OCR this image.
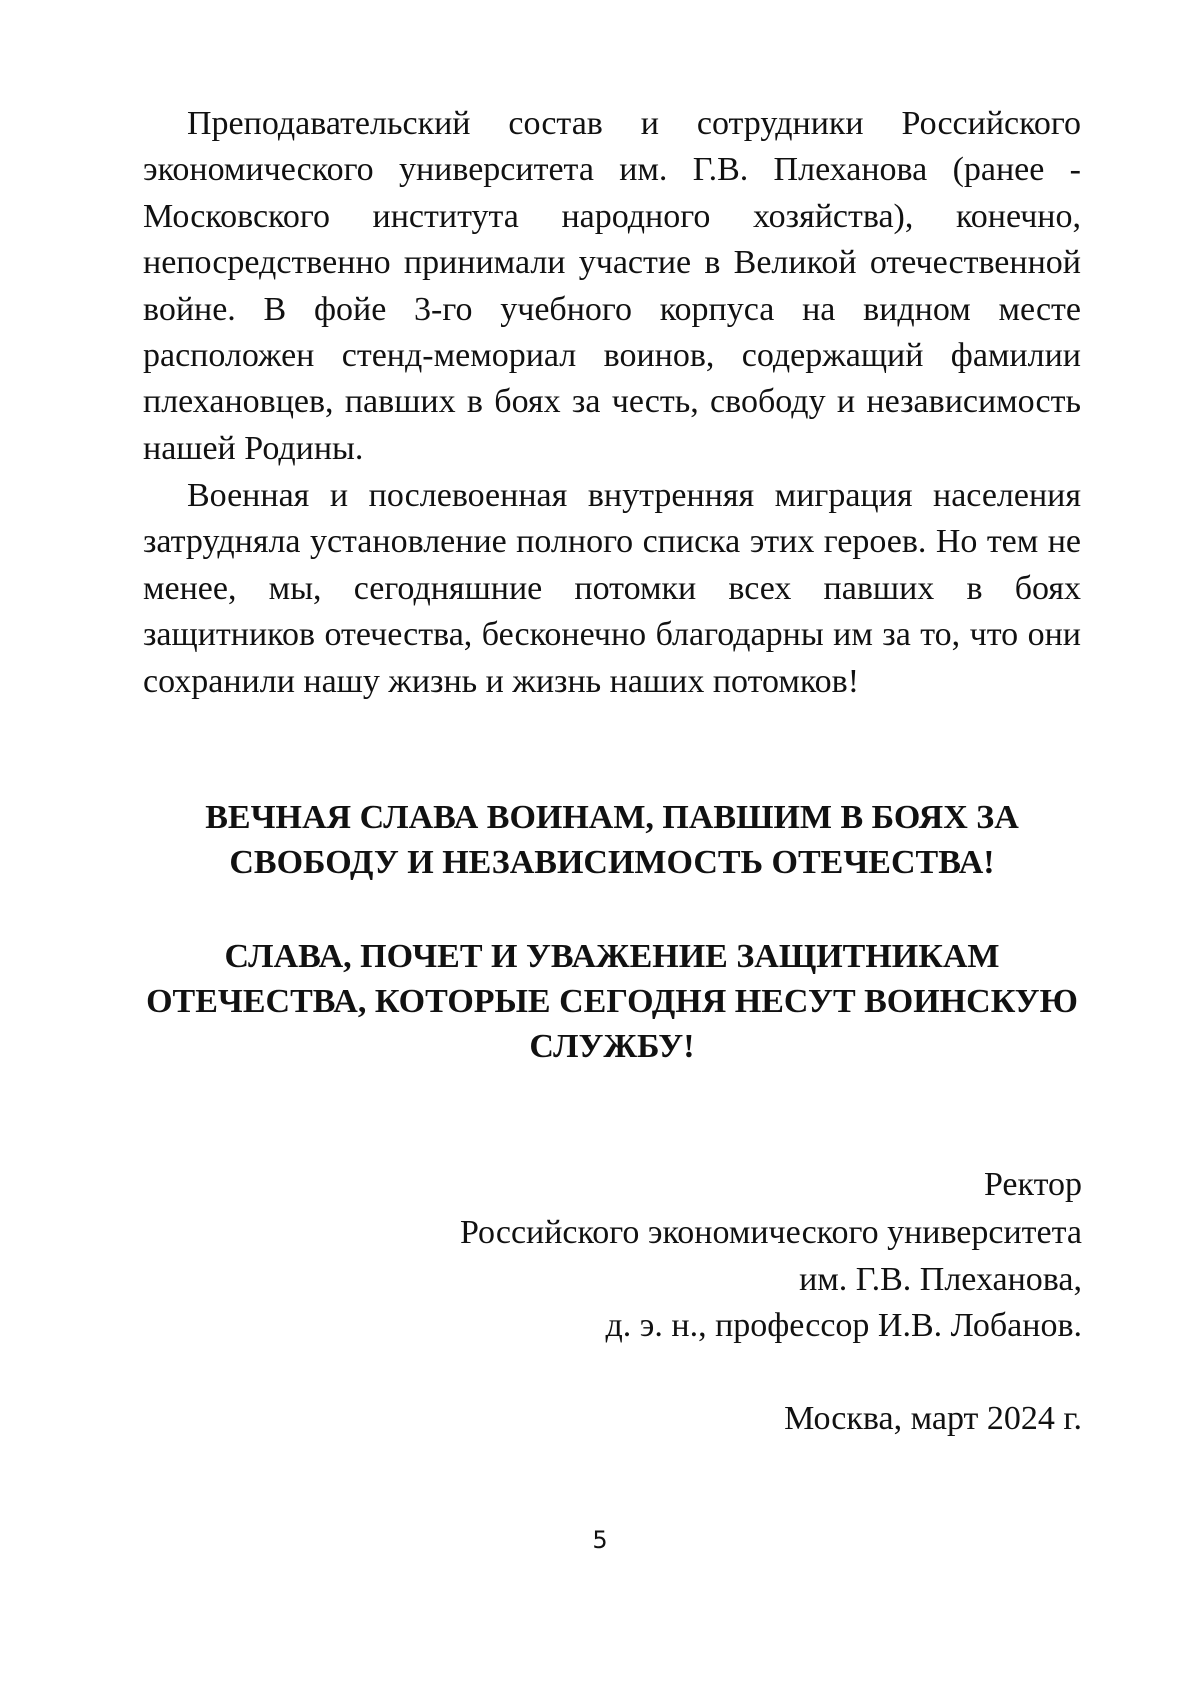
Преподавательский состав и сотрудники Российского экономического университета им. Г.В. Плеханова (ранее - Московского института народного хозяйства), конечно, непосредственно принимали участие в Великой отечественной войне. В фойе 3-го учебного корпуса на видном месте расположен стенд-мемориал воинов, содержащий фамилии плехановцев, павших в боях за честь, свободу и независимость нашей Родины.

Военная и послевоенная внутренняя миграция населения затрудняла установление полного списка этих героев. Но тем не менее, мы, сегодняшние потомки всех павших в боях защитников отечества, бесконечно благодарны им за то, что они сохранили нашу жизнь и жизнь наших потомков!

ВЕЧНАЯ СЛАВА ВОИНАМ, ПАВШИМ В БОЯХ ЗА СВОБОДУ И НЕЗАВИСИМОСТЬ ОТЕЧЕСТВА!

СЛАВА, ПОЧЕТ И УВАЖЕНИЕ ЗАЩИТНИКАМ ОТЕЧЕСТВА, КОТОРЫЕ СЕГОДНЯ НЕСУТ ВОИНСКУЮ СЛУЖБУ!

Ректор

Российского экономического университета

им. Г.В. Плеханова,

д. э. н., профессор И.В. Лобанов.

Москва, март 2024 г.

5
